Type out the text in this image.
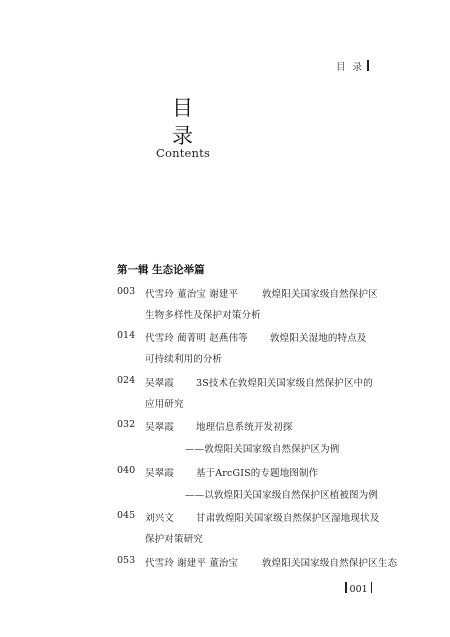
目 录
目
录
Contents
第一辑 生态论举篇
003 代雪玲 董治宝 谢建平	敦煌阳关国家级自然保护区
生物多样性及保护对策分析
014 代雪玲 蔺菁明 赵燕伟等 敦煌阳关湿地的特点及
可持续利用的分析
024 吴翠霞 3S技术在敦煌阳关国家级自然保护区中的
应用研究
032 吴翠霞 地理信息系统开发初探
——敦煌阳关国家级自然保护区为例
040 吴翠霞 基于ArcGIS的专题地图制作
——以敦煌阳关国家级自然保护区植被图为例
045 刘兴文 甘肃敦煌阳关国家级自然保护区湿地现状及
保护对策研究
053 代雪玲 谢建平 董治宝	敦煌阳关国家级自然保护区生态
001
